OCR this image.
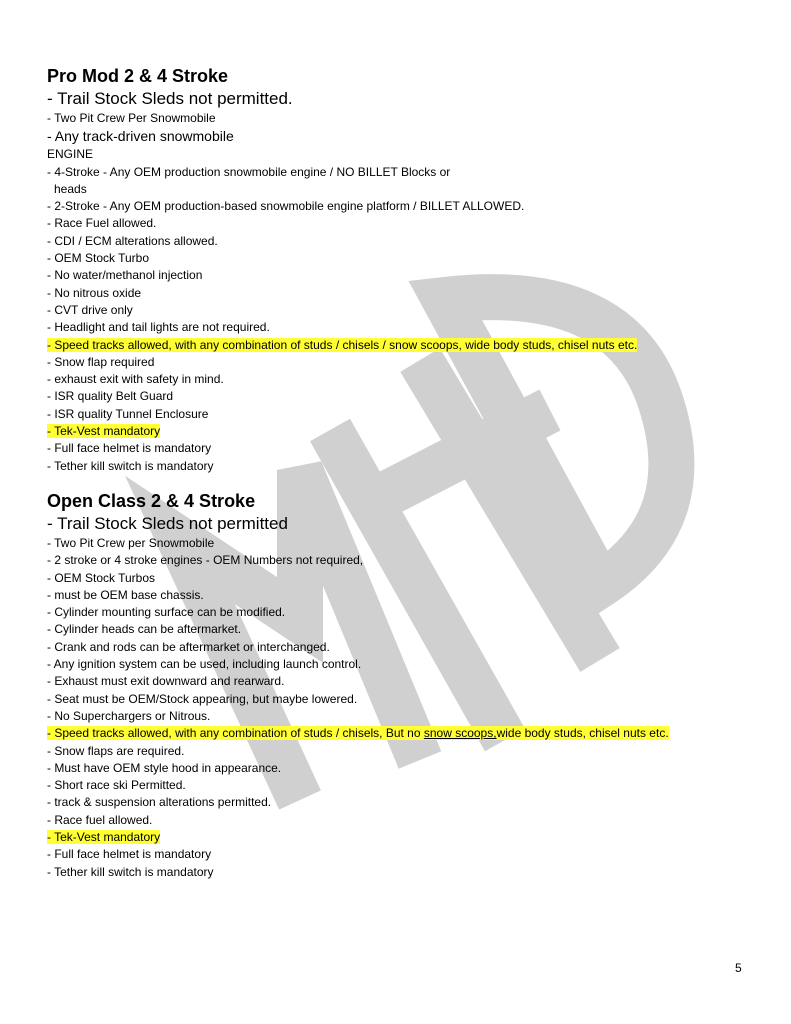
Pro Mod 2 & 4 Stroke
- Trail Stock Sleds not permitted.
- Two Pit Crew Per Snowmobile
- Any track-driven snowmobile
ENGINE
- 4-Stroke - Any OEM production snowmobile engine / NO BILLET Blocks or
heads
- 2-Stroke - Any OEM production-based snowmobile engine platform / BILLET ALLOWED.
- Race Fuel allowed.
- CDI / ECM alterations allowed.
- OEM Stock Turbo
- No water/methanol injection
- No nitrous oxide
- CVT drive only
- Headlight and tail lights are not required.
- Speed tracks allowed, with any combination of studs / chisels / snow scoops, wide body studs, chisel nuts etc.
- Snow flap required
- exhaust exit with safety in mind.
- ISR quality Belt Guard
- ISR quality Tunnel Enclosure
- Tek-Vest mandatory
- Full face helmet is mandatory
- Tether kill switch is mandatory
Open Class 2 & 4 Stroke
- Trail Stock Sleds not permitted
- Two Pit Crew per Snowmobile
- 2 stroke or 4 stroke engines - OEM Numbers not required,
- OEM Stock Turbos
- must be OEM base chassis.
- Cylinder mounting surface can be modified.
- Cylinder heads can be aftermarket.
- Crank and rods can be aftermarket or interchanged.
- Any ignition system can be used, including launch control.
- Exhaust must exit downward and rearward.
- Seat must be OEM/Stock appearing, but maybe lowered.
- No Superchargers or Nitrous.
- Speed tracks allowed, with any combination of studs / chisels, But no snow scoops,wide body studs, chisel nuts etc.
- Snow flaps are required.
- Must have OEM style hood in appearance.
- Short race ski Permitted.
- track & suspension alterations permitted.
- Race fuel allowed.
- Tek-Vest mandatory
- Full face helmet is mandatory
- Tether kill switch is mandatory
5
